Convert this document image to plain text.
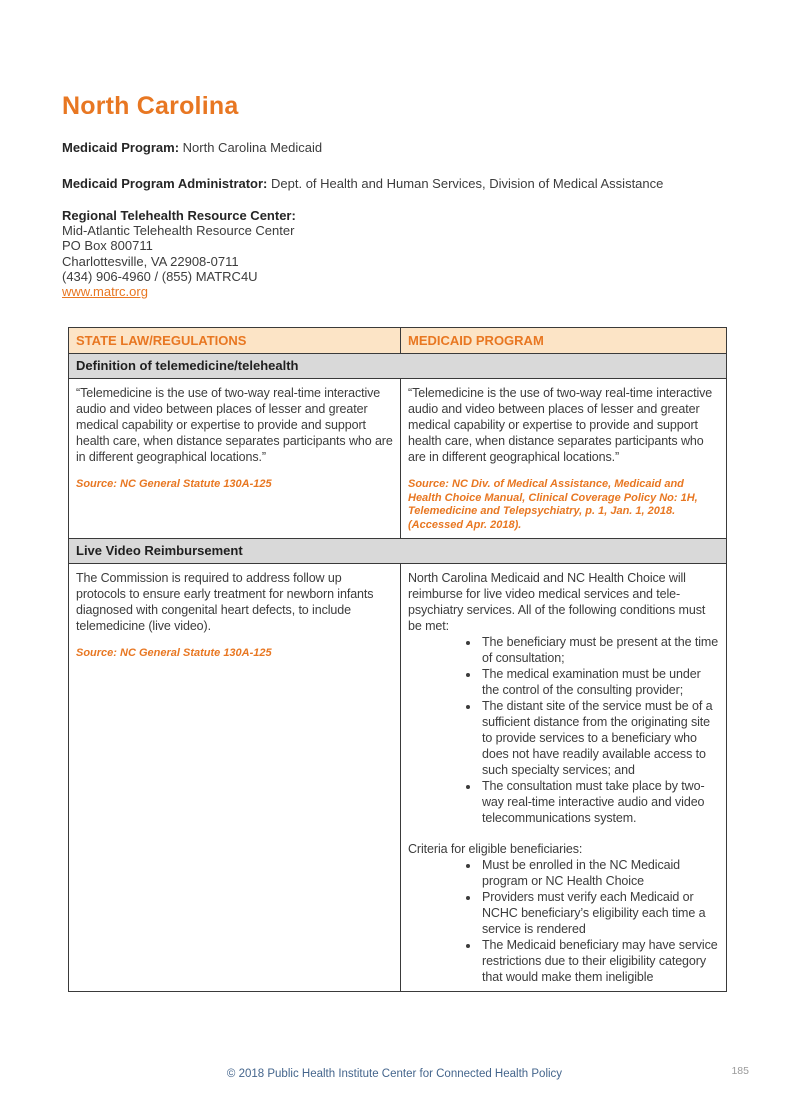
North Carolina

Medicaid Program: North Carolina Medicaid

Medicaid Program Administrator: Dept. of Health and Human Services, Division of Medical Assistance

Regional Telehealth Resource Center:
Mid-Atlantic Telehealth Resource Center
PO Box 800711
Charlottesville, VA 22908-0711
(434) 906-4960 / (855) MATRC4U
www.matrc.org
STATE LAW/REGULATIONS	MEDICAID PROGRAM
Definition of telemedicine/telehealth

“Telemedicine is the use of two-way real-time interactive audio and video between places of lesser and greater medical capability or expertise to provide and support health care, when distance separates participants who are in different geographical locations.”

Source: NC General Statute 130A-125

“Telemedicine is the use of two-way real-time interactive audio and video between places of lesser and greater medical capability or expertise to provide and support health care, when distance separates participants who are in different geographical locations.”

Source: NC Div. of Medical Assistance, Medicaid and Health Choice Manual, Clinical Coverage Policy No: 1H, Telemedicine and Telepsychiatry, p. 1, Jan. 1, 2018. (Accessed Apr. 2018).

Live Video Reimbursement

The Commission is required to address follow up protocols to ensure early treatment for newborn infants diagnosed with congenital heart defects, to include telemedicine (live video).

Source: NC General Statute 130A-125

North Carolina Medicaid and NC Health Choice will reimburse for live video medical services and tele-psychiatry services. All of the following conditions must be met:

• The beneficiary must be present at the time of consultation;
• The medical examination must be under the control of the consulting provider;
• The distant site of the service must be of a sufficient distance from the originating site to provide services to a beneficiary who does not have readily available access to such specialty services; and
• The consultation must take place by two-way real-time interactive audio and video telecommunications system.

Criteria for eligible beneficiaries:

• Must be enrolled in the NC Medicaid program or NC Health Choice
• Providers must verify each Medicaid or NCHC beneficiary’s eligibility each time a service is rendered
• The Medicaid beneficiary may have service restrictions due to their eligibility category that would make them ineligible
© 2018 Public Health Institute Center for Connected Health Policy	185
